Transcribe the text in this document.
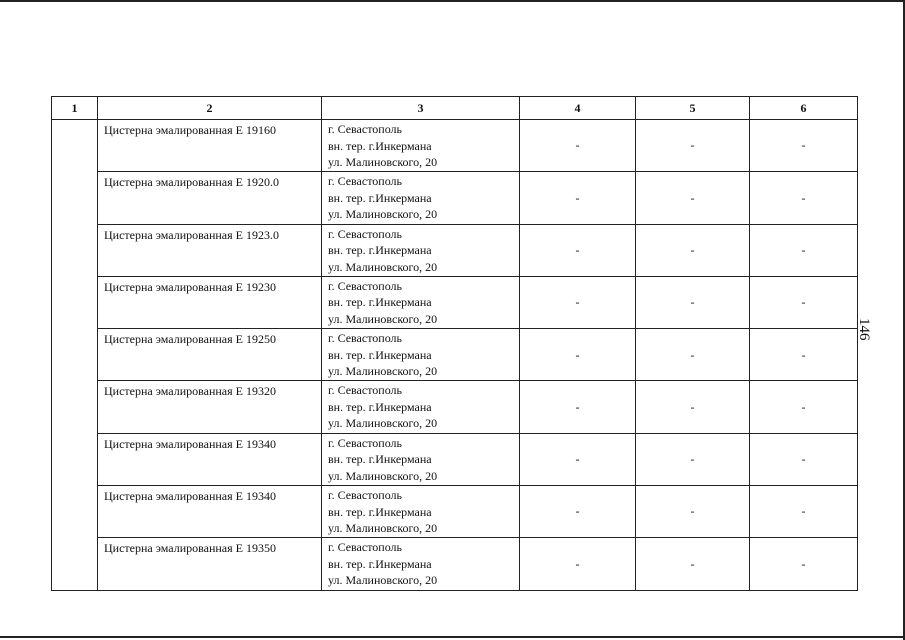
146
1	2	3	4	5	6
	Цистерна эмалированная Е 19160	г. Севастополь
вн. тер. г.Инкермана
ул. Малиновского, 20	-	-	-
	Цистерна эмалированная Е 1920.0	г. Севастополь
вн. тер. г.Инкермана
ул. Малиновского, 20	-	-	-
	Цистерна эмалированная Е 1923.0	г. Севастополь
вн. тер. г.Инкермана
ул. Малиновского, 20	-	-	-
	Цистерна эмалированная Е 19230	г. Севастополь
вн. тер. г.Инкермана
ул. Малиновского, 20	-	-	-
	Цистерна эмалированная Е 19250	г. Севастополь
вн. тер. г.Инкермана
ул. Малиновского, 20	-	-	-
	Цистерна эмалированная Е 19320	г. Севастополь
вн. тер. г.Инкермана
ул. Малиновского, 20	-	-	-
	Цистерна эмалированная Е 19340	г. Севастополь
вн. тер. г.Инкермана
ул. Малиновского, 20	-	-	-
	Цистерна эмалированная Е 19340	г. Севастополь
вн. тер. г.Инкермана
ул. Малиновского, 20	-	-	-
	Цистерна эмалированная Е 19350	г. Севастополь
вн. тер. г.Инкермана
ул. Малиновского, 20	-	-	-
